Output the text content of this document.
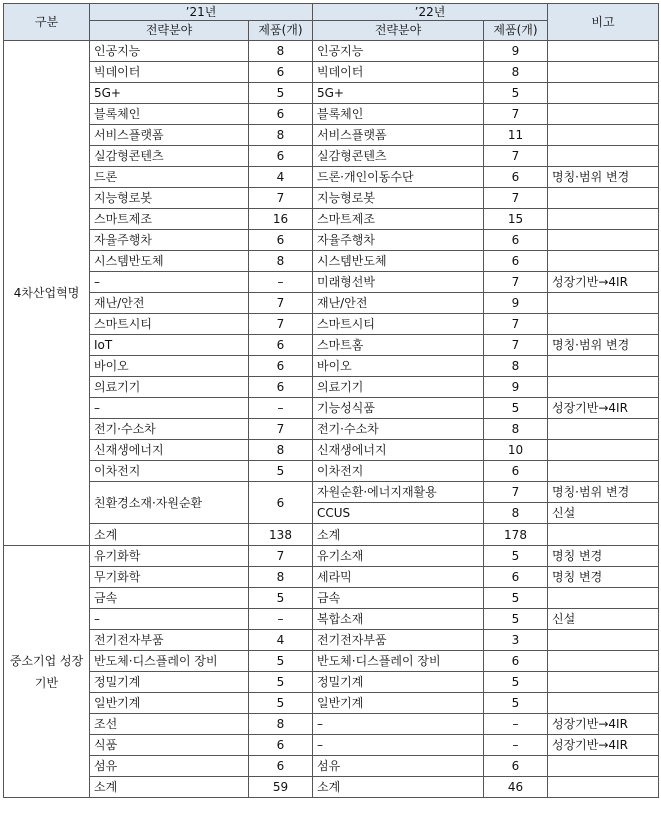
구분	’21년		’22년		비고
	전략분야	제품(개)	전략분야	제품(개)	
4차산업혁명	인공지능	8	인공지능	9	
	빅데이터	6	빅데이터	8	
	5G+	5	5G+	5	
	블록체인	6	블록체인	7	
	서비스플랫폼	8	서비스플랫폼	11	
	실감형콘텐츠	6	실감형콘텐츠	7	
	드론	4	드론·개인이동수단	6	명칭·범위 변경
	지능형로봇	7	지능형로봇	7	
	스마트제조	16	스마트제조	15	
	자율주행차	6	자율주행차	6	
	시스템반도체	8	시스템반도체	6	
	–	–	미래형선박	7	성장기반→4IR
	재난/안전	7	재난/안전	9	
	스마트시티	7	스마트시티	7	
	IoT	6	스마트홈	7	명칭·범위 변경
	바이오	6	바이오	8	
	의료기기	6	의료기기	9	
	–	–	기능성식품	5	성장기반→4IR
	전기·수소차	7	전기·수소차	8	
	신재생에너지	8	신재생에너지	10	
	이차전지	5	이차전지	6	
	친환경소재·자원순환	6	자원순환·에너지재활용	7	명칭·범위 변경
			CCUS	8	신설
	소계	138	소계	178	
중소기업 성장기반	유기화학	7	유기소재	5	명칭 변경
	무기화학	8	세라믹	6	명칭 변경
	금속	5	금속	5	
	–	–	복합소재	5	신설
	전기전자부품	4	전기전자부품	3	
	반도체·디스플레이 장비	5	반도체·디스플레이 장비	6	
	정밀기계	5	정밀기계	5	
	일반기계	5	일반기계	5	
	조선	8	–	–	성장기반→4IR
	식품	6	–	–	성장기반→4IR
	섬유	6	섬유	6	
	소계	59	소계	46	
